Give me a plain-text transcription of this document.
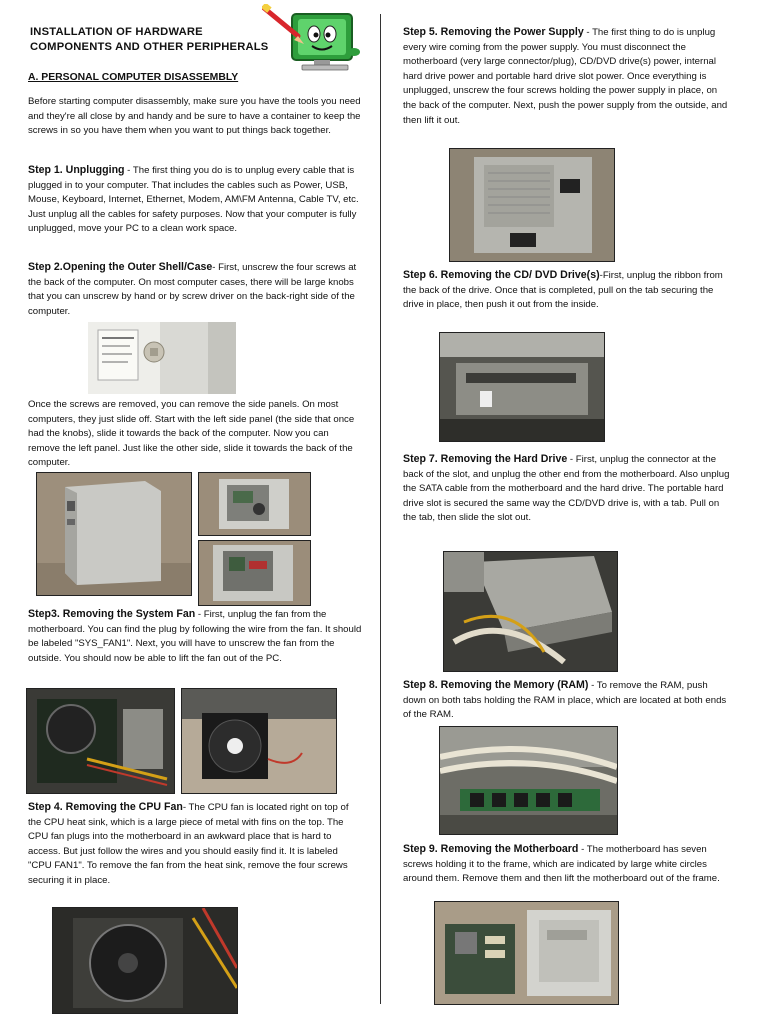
INSTALLATION OF HARDWARE
COMPONENTS AND OTHER PERIPHERALS
A. PERSONAL COMPUTER DISASSEMBLY

Before starting computer disassembly, make sure you have the tools you need and they're all close by and handy and be sure to have a container to keep the screws in so you have them when you want to put things back together.

Step 1. Unplugging - The first thing you do is to unplug every cable that is plugged in to your computer. That includes the cables such as Power, USB, Mouse, Keyboard, Internet, Ethernet, Modem, AM\FM Antenna, Cable TV, etc. Just unplug all the cables for safety purposes. Now that your computer is fully unplugged, move your PC to a clean work space.

Step 2.Opening the Outer Shell/Case- First, unscrew the four screws at the back of the computer. On most computer cases, there will be large knobs that you can unscrew by hand or by screw driver on the back-right side of the computer.

Once the screws are removed, you can remove the side panels. On most computers, they just slide off. Start with the left side panel (the side that once had the knobs), slide it towards the back of the computer. Now you can remove the left panel. Just like the other side, slide it towards the back of the computer.

Step3. Removing the System Fan - First, unplug the fan from the motherboard. You can find the plug by following the wire from the fan. It should be labeled "SYS_FAN1". Next, you will have to unscrew the fan from the outside. You should now be able to lift the fan out of the PC.

Step 4. Removing the CPU Fan- The CPU fan is located right on top of the CPU heat sink, which is a large piece of metal with fins on the top. The CPU fan plugs into the motherboard in an awkward place that is hard to access. But just follow the wires and you should easily find it. It is labeled "CPU FAN1". To remove the fan from the heat sink, remove the four screws securing it in place.

Step 5. Removing the Power Supply - The first thing to do is unplug every wire coming from the power supply. You must disconnect the motherboard (very large connector/plug), CD/DVD drive(s) power, internal hard drive power and portable hard drive slot power. Once everything is unplugged, unscrew the four screws holding the power supply in place, on the back of the computer. Next, push the power supply from the outside, and then lift it out.

Step 6. Removing the CD/ DVD Drive(s)-First, unplug the ribbon from the back of the drive. Once that is completed, pull on the tab securing the drive in place, then push it out from the inside.

Step 7. Removing the Hard Drive - First, unplug the connector at the back of the slot, and unplug the other end from the motherboard. Also unplug the SATA cable from the motherboard and the hard drive. The portable hard drive slot is secured the same way the CD/DVD drive is, with a tab. Pull on the tab, then slide the slot out.

Step 8. Removing the Memory (RAM) - To remove the RAM, push down on both tabs holding the RAM in place, which are located at both ends of the RAM.

Step 9. Removing the Motherboard - The motherboard has seven screws holding it to the frame, which are indicated by large white circles around them. Remove them and then lift the motherboard out of the frame.
